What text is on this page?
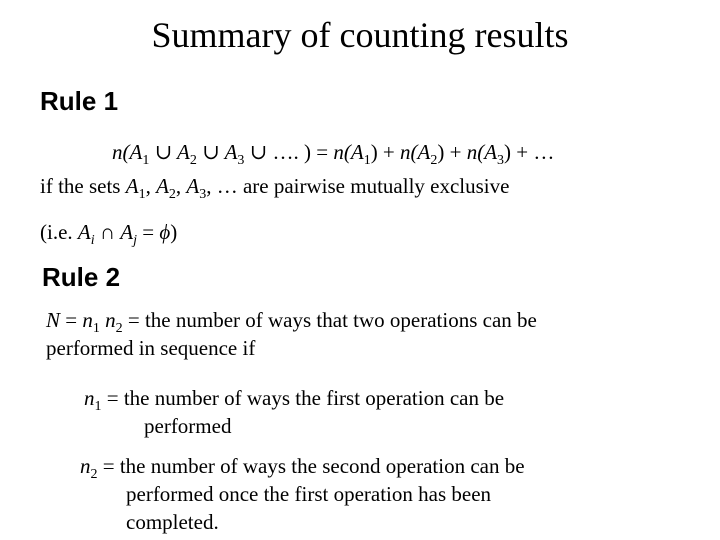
Summary of counting results
Rule 1
$n(A_1$ ∪ $A_2$ ∪ $A_3$ ∪ …. ) = $n(A_1) + n(A_2) + n(A_3)$ + …
if the sets $A_1$, $A_2$, $A_3$, … are pairwise mutually exclusive
(i.e. $A_i$ ∩ $A_j = \phi$)
Rule 2
$N = n_1$ $n_2$ = the number of ways that two operations can be
performed in sequence if
$n_1$ = the number of ways the first operation can be
performed
$n_2$ = the number of ways the second operation can be
performed once the first operation has been
completed.
